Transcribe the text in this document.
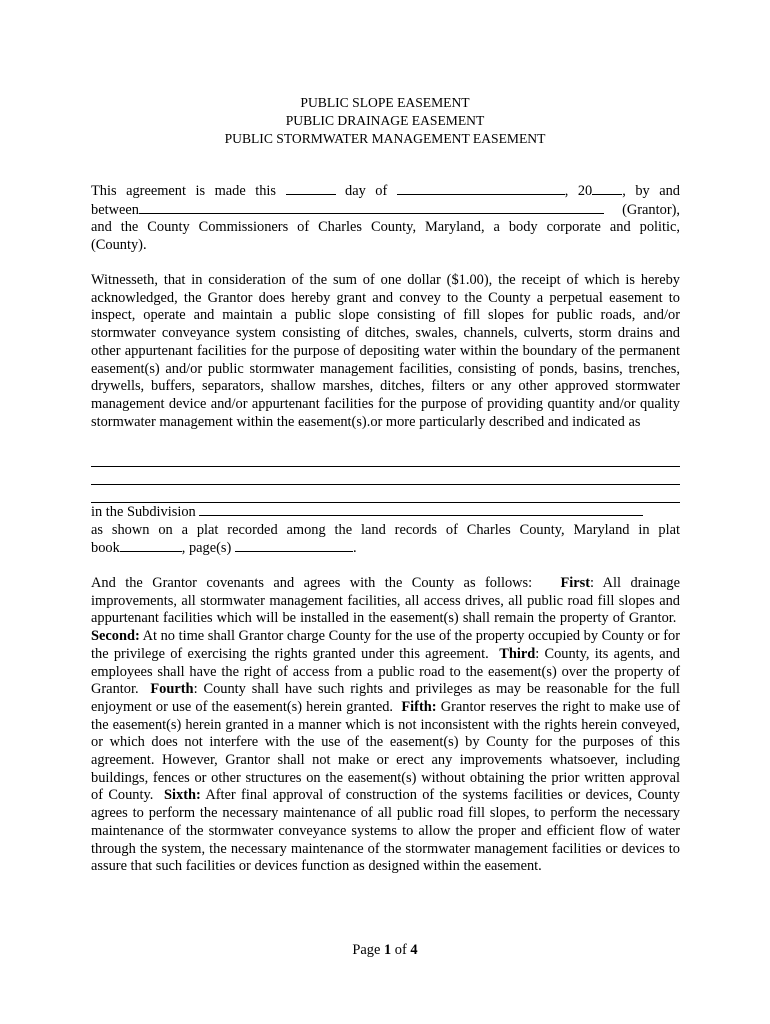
PUBLIC SLOPE EASEMENT
PUBLIC DRAINAGE EASEMENT
PUBLIC STORMWATER MANAGEMENT EASEMENT
This agreement is made this	day of	, 20 , by and
between	(Grantor),
and the County Commissioners of Charles County, Maryland, a body corporate and politic,
(County).
Witnesseth, that in consideration of the sum of one dollar ($1.00), the receipt of which is hereby acknowledged, the Grantor does hereby grant and convey to the County a perpetual easement to inspect, operate and maintain a public slope consisting of fill slopes for public roads, and/or stormwater conveyance system consisting of ditches, swales, channels, culverts, storm drains and other appurtenant facilities for the purpose of depositing water within the boundary of the permanent easement(s) and/or public stormwater management facilities, consisting of ponds, basins, trenches, drywells, buffers, separators, shallow marshes, ditches, filters or any other approved stormwater management device and/or appurtenant facilities for the purpose of providing quantity and/or quality stormwater management within the easement(s).or more particularly described and indicated as
in the Subdivision
as shown on a plat recorded among the land records of Charles County, Maryland in plat
book	, page(s)	.
And the Grantor covenants and agrees with the County as follows: First: All drainage improvements, all stormwater management facilities, all access drives, all public road fill slopes and appurtenant facilities which will be installed in the easement(s) shall remain the property of Grantor.  Second: At no time shall Grantor charge County for the use of the property occupied by County or for the privilege of exercising the rights granted under this agreement. Third: County, its agents, and employees shall have the right of access from a public road to the easement(s) over the property of Grantor. Fourth: County shall have such rights and privileges as may be reasonable for the full enjoyment or use of the easement(s) herein granted. Fifth: Grantor reserves the right to make use of the easement(s) herein granted in a manner which is not inconsistent with the rights herein conveyed, or which does not interfere with the use of the easement(s) by County for the purposes of this agreement. However, Grantor shall not make or erect any improvements whatsoever, including buildings, fences or other structures on the easement(s) without obtaining the prior written approval of County. Sixth: After final approval of construction of the systems facilities or devices, County agrees to perform the necessary maintenance of all public road fill slopes, to perform the necessary maintenance of the stormwater conveyance systems to allow the proper and efficient flow of water through the system, the necessary maintenance of the stormwater management facilities or devices to assure that such facilities or devices function as designed within the easement.
Page 1 of 4
